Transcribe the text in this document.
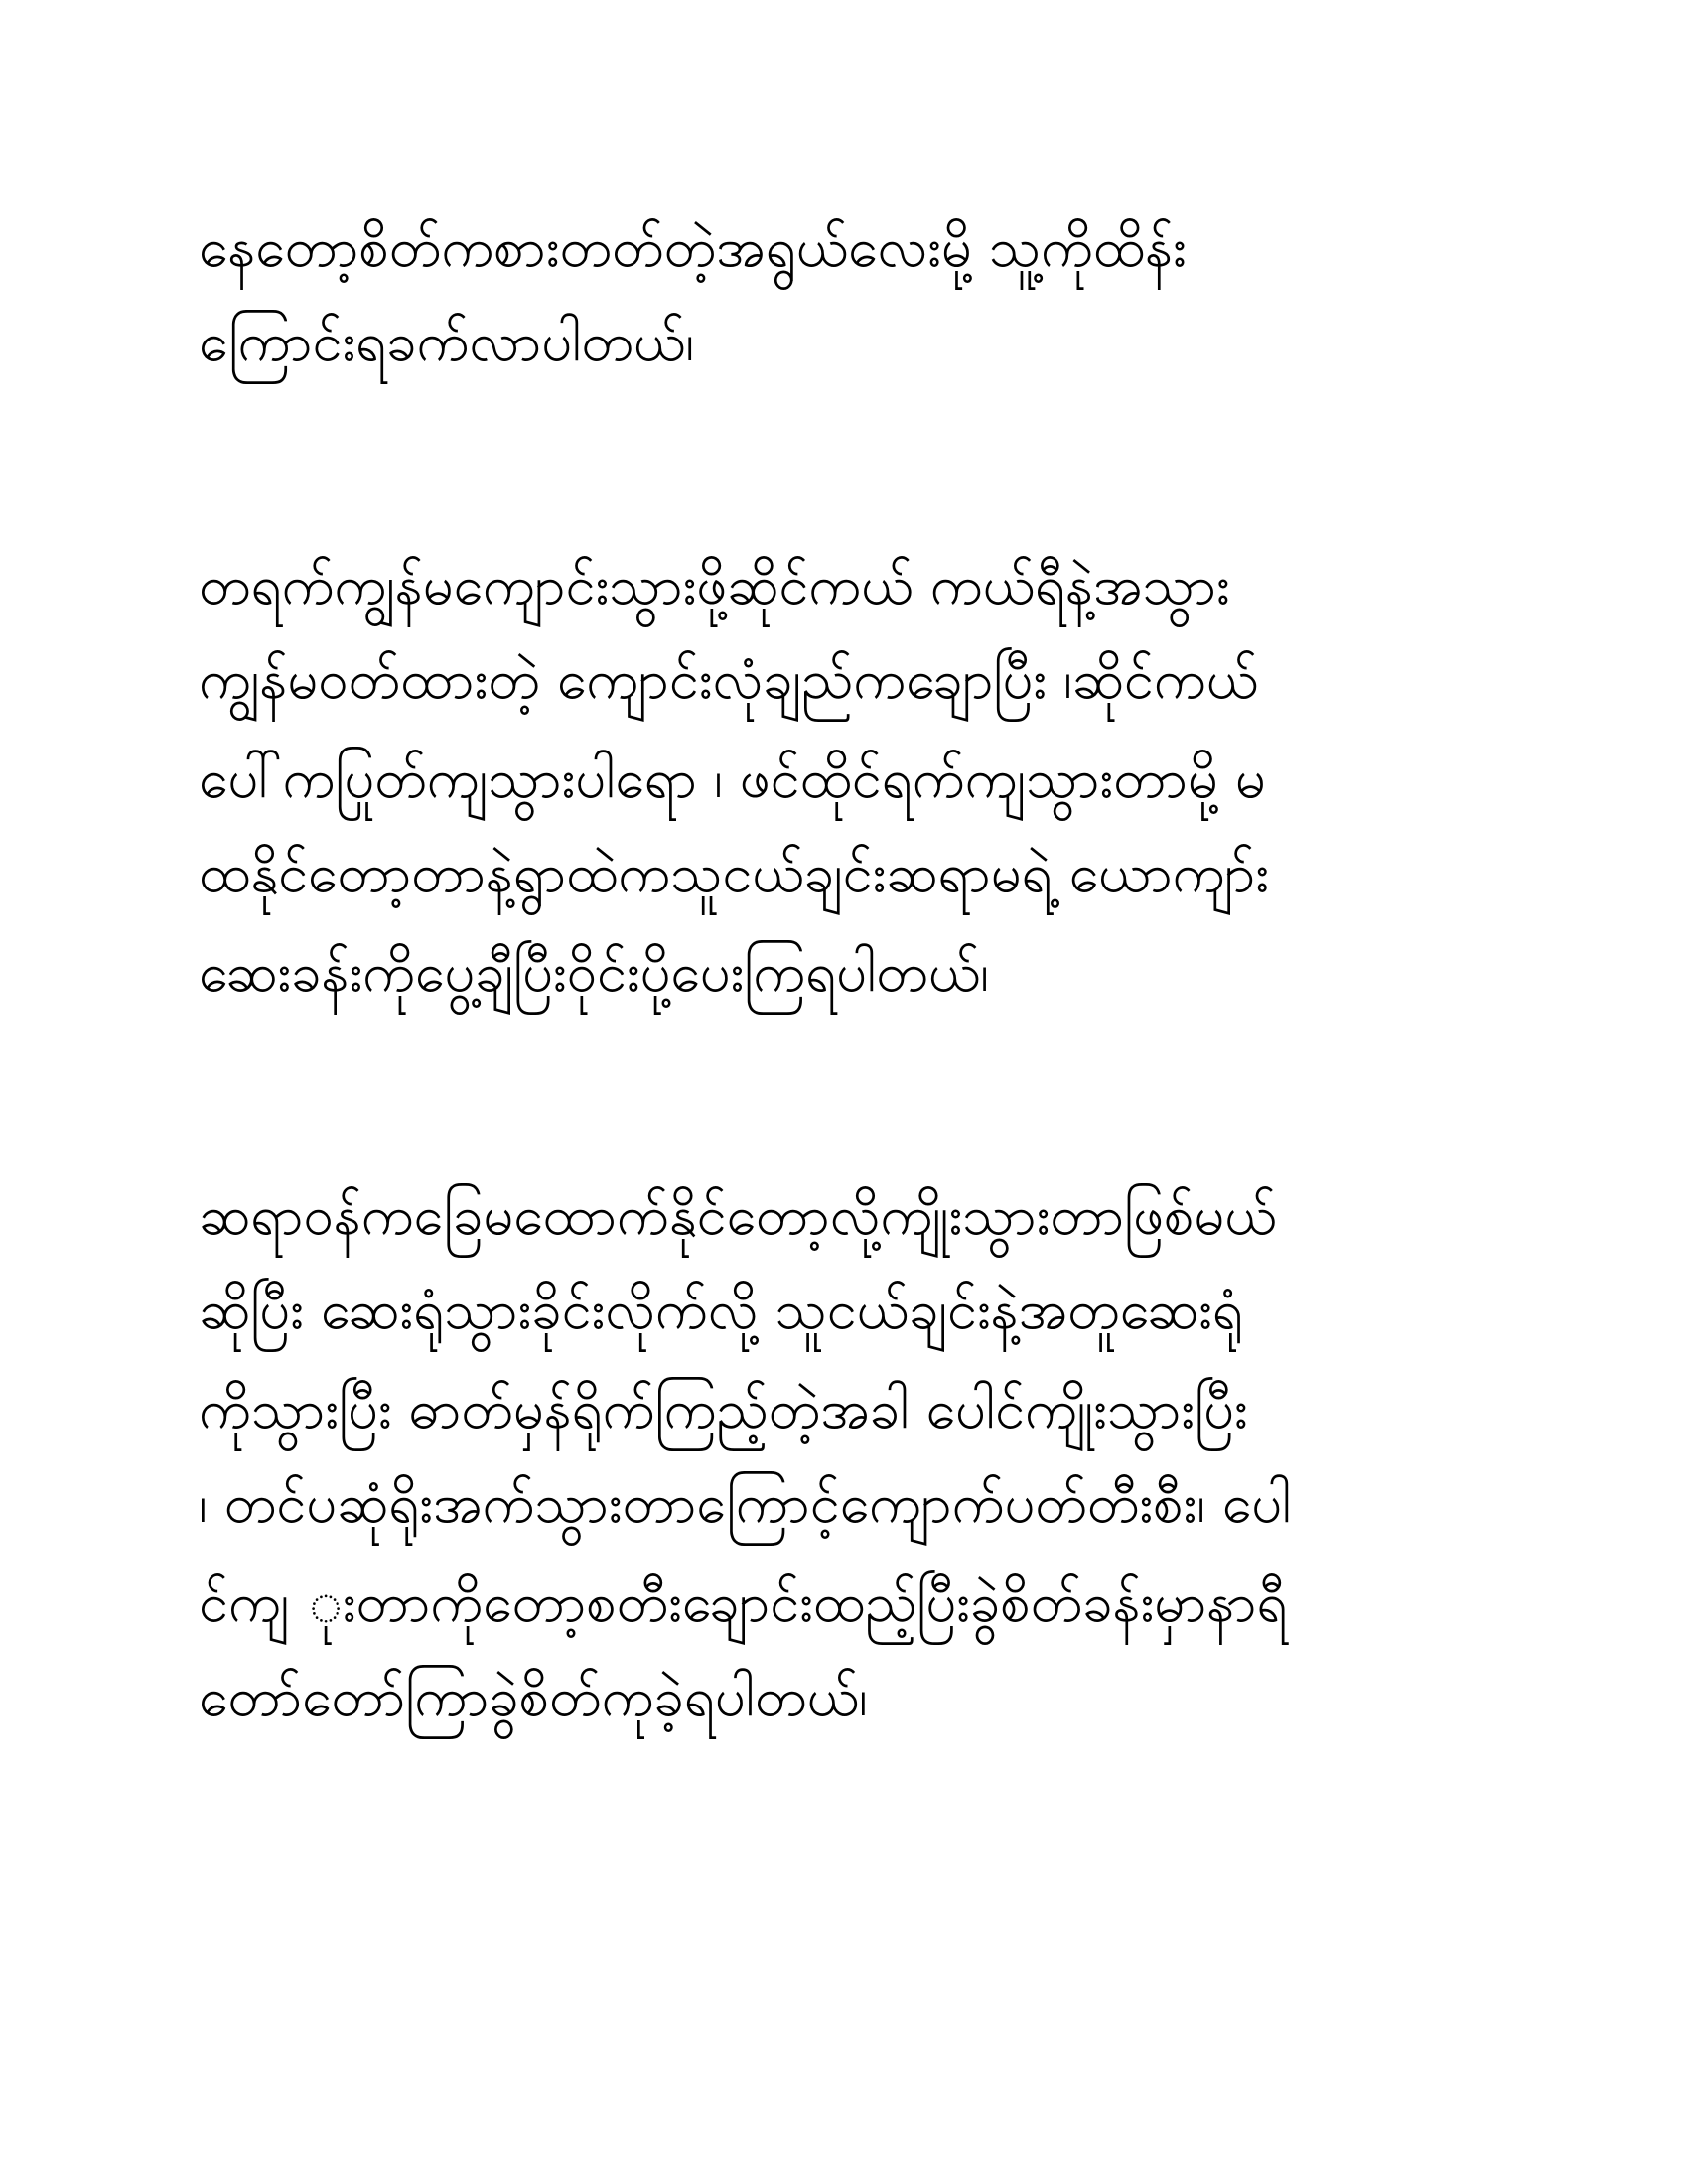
နေတော့စိတ်ကစားတတ်တဲ့အရွယ်လေးမို့ သူ့ကိုထိန်း
ကြောင်းရခက်လာပါတယ်၊
တရက်ကျွန်မကျောင်းသွားဖို့ဆိုင်ကယ် ကယ်ရီနဲ့အသွား
ကျွန်မဝတ်ထားတဲ့ ကျောင်းလုံချည်ကချောပြီး ၊ဆိုင်ကယ်
ပေါ်ကပြုတ်ကျသွားပါရော ၊ ဖင်ထိုင်ရက်ကျသွားတာမို့ မ
ထနိုင်တော့တာနဲ့ရွာထဲကသူငယ်ချင်းဆရာမရဲ့ ယောကျာ်း
ဆေးခန်းကိုပွေ့ချီပြီးဝိုင်းပို့ပေးကြရပါတယ်၊
ဆရာဝန်ကခြေမထောက်နိုင်တော့လို့ကျိုးသွားတာဖြစ်မယ်
ဆိုပြီး ဆေးရုံသွားခိုင်းလိုက်လို့ သူငယ်ချင်းနဲ့အတူဆေးရုံ
ကိုသွားပြီး ဓာတ်မှန်ရိုက်ကြည့်တဲ့အခါ ပေါင်ကျိုးသွားပြီး
၊ တင်ပဆုံရိုးအက်သွားတာကြောင့်ကျောက်ပတ်တီးစီး၊ ပေါ
င်ကျ ုးတာကိုတော့စတီးချောင်းထည့်ပြီးခွဲစိတ်ခန်းမှာနာရီ
တော်တော်ကြာခွဲစိတ်ကုခဲ့ရပါတယ်၊
